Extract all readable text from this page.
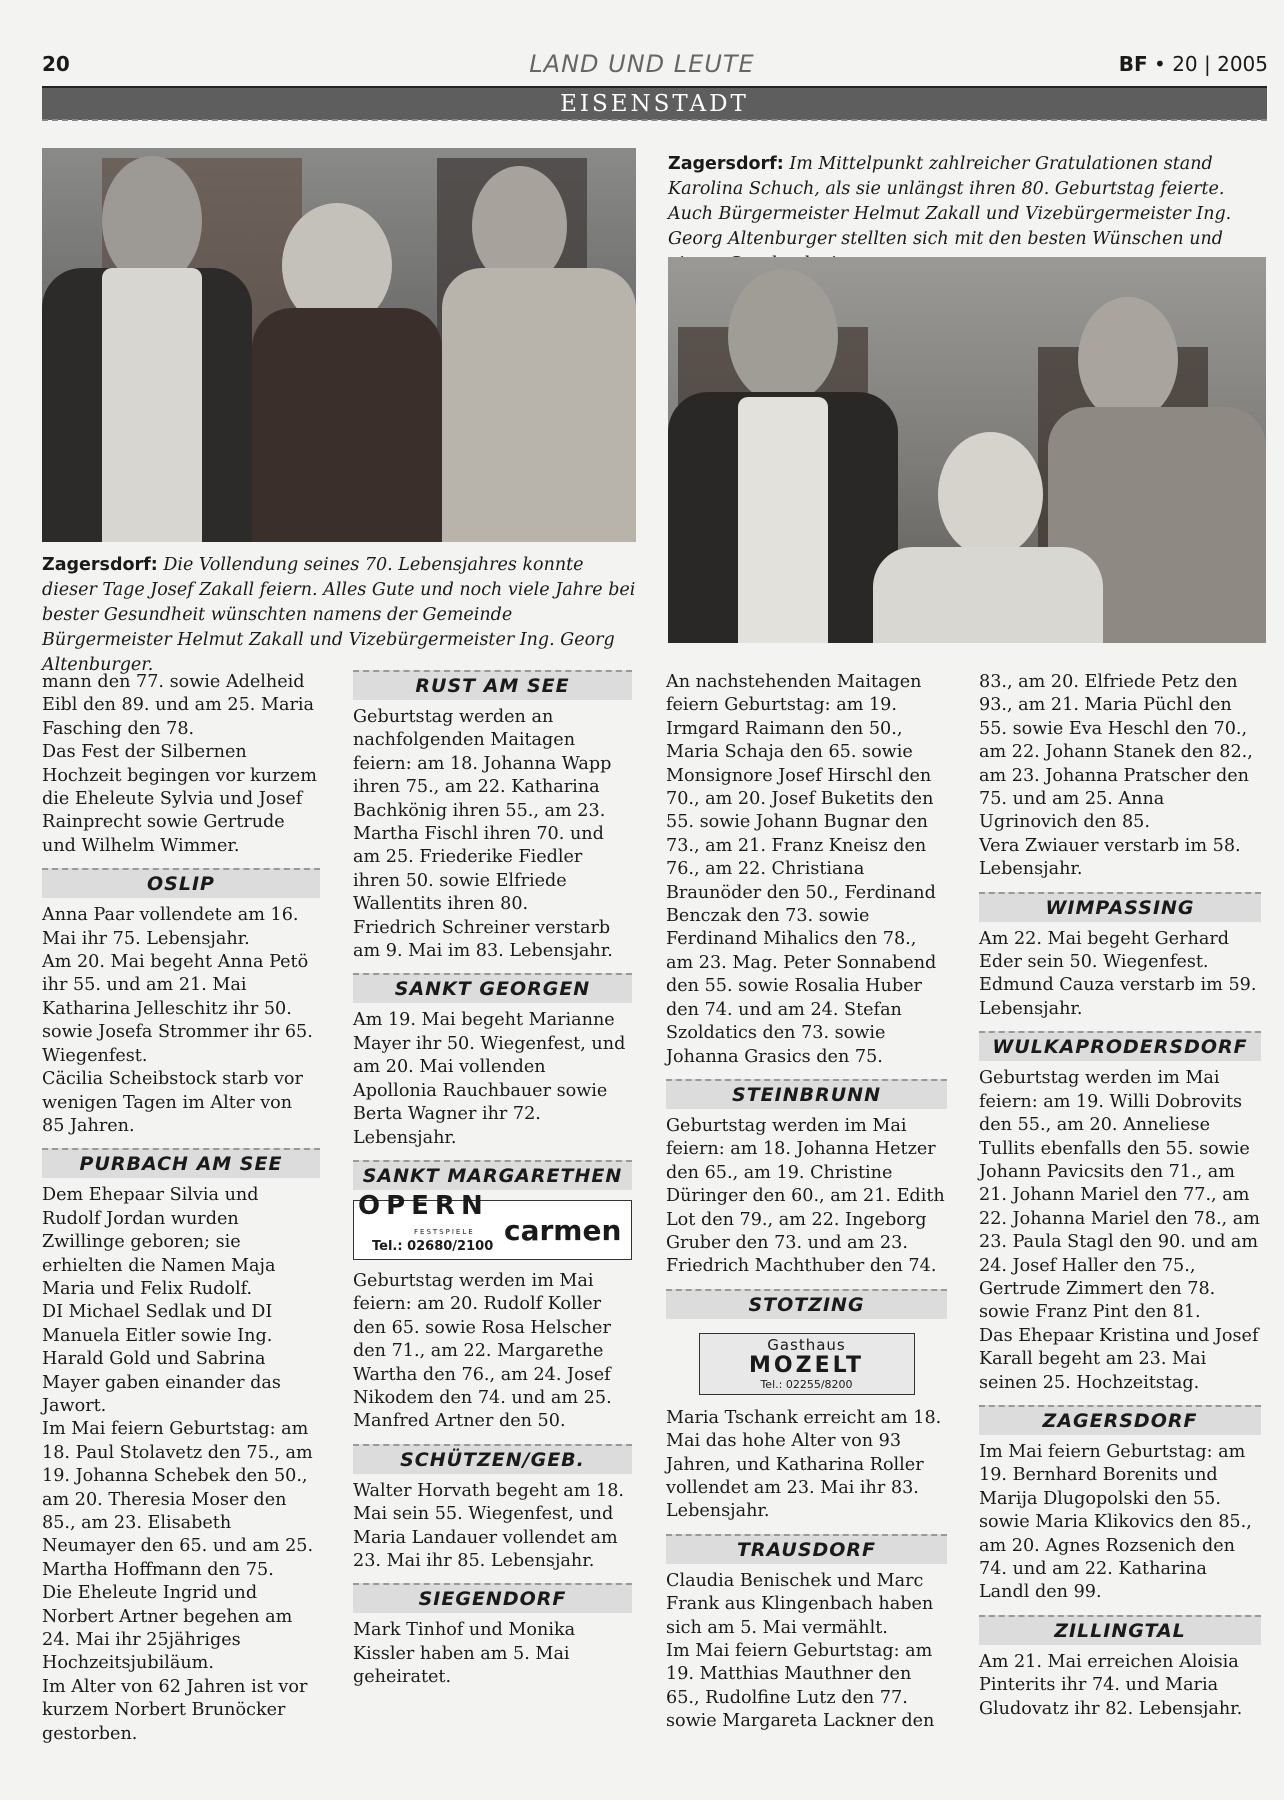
20	LAND UND LEUTE	BF • 20 | 2005
EISENSTADT
Zagersdorf: Die Vollendung seines 70. Lebensjahres konnte dieser Tage Josef Zakall feiern. Alles Gute und noch viele Jahre bei bester Gesundheit wünschten namens der Gemeinde Bürgermeister Helmut Zakall und Vizebürgermeister Ing. Georg Altenburger.
Zagersdorf: Im Mittelpunkt zahlreicher Gratulationen stand Karolina Schuch, als sie unlängst ihren 80. Geburtstag feierte. Auch Bürgermeister Helmut Zakall und Vizebürgermeister Ing. Georg Altenburger stellten sich mit den besten Wünschen und

mann den 77. sowie Adelheid Eibl den 89. und am 25. Maria Fasching den 78.

Das Fest der Silbernen Hochzeit begingen vor kurzem die Eheleute Sylvia und Josef Rainprecht sowie Gertrude und Wilhelm Wimmer.

OSLIP

Anna Paar vollendete am 16. Mai ihr 75. Lebensjahr.

Am 20. Mai begeht Anna Petö ihr 55. und am 21. Mai Katharina Jelleschitz ihr 50. sowie Josefa Strommer ihr 65. Wiegenfest.

Cäcilia Scheibstock starb vor wenigen Tagen im Alter von 85 Jahren.

PURBACH AM SEE

Dem Ehepaar Silvia und Rudolf Jordan wurden Zwillinge geboren; sie erhielten die Namen Maja Maria und Felix Rudolf.

DI Michael Sedlak und DI Manuela Eitler sowie Ing. Harald Gold und Sabrina Mayer gaben einander das Jawort.

Im Mai feiern Geburtstag: am 18. Paul Stolavetz den 75., am 19. Johanna Schebek den 50., am 20. Theresia Moser den 85., am 23. Elisabeth Neumayer den 65. und am 25. Martha Hoffmann den 75.

Die Eheleute Ingrid und Norbert Artner begehen am 24. Mai ihr 25jähriges Hochzeitsjubiläum.

Im Alter von 62 Jahren ist vor kurzem Norbert Brunöcker gestorben.

RUST AM SEE

Geburtstag werden an nachfolgenden Maitagen feiern: am 18. Johanna Wapp ihren 75., am 22. Katharina Bachkönig ihren 55., am 23. Martha Fischl ihren 70. und am 25. Friederike Fiedler ihren 50. sowie Elfriede Wallentits ihren 80.

Friedrich Schreiner verstarb am 9. Mai im 83. Lebensjahr.

SANKT GEORGEN

Am 19. Mai begeht Marianne Mayer ihr 50. Wiegenfest, und am 20. Mai vollenden Apollonia Rauchbauer sowie Berta Wagner ihr 72. Lebensjahr.

SANKT MARGARETHEN
OPERN
FESTSPIELE
Tel.: 02680/2100 carmen

Geburtstag werden im Mai feiern: am 20. Rudolf Koller den 65. sowie Rosa Helscher den 71., am 22. Margarethe Wartha den 76., am 24. Josef Nikodem den 74. und am 25. Manfred Artner den 50.

SCHÜTZEN/GEB.

Walter Horvath begeht am 18. Mai sein 55. Wiegenfest, und Maria Landauer vollendet am 23. Mai ihr 85. Lebensjahr.

SIEGENDORF

Mark Tinhof und Monika Kissler haben am 5. Mai geheiratet.

An nachstehenden Maitagen feiern Geburtstag: am 19. Irmgard Raimann den 50., Maria Schaja den 65. sowie Monsignore Josef Hirschl den 70., am 20. Josef Buketits den 55. sowie Johann Bugnar den 73., am 21. Franz Kneisz den 76., am 22. Christiana Braunöder den 50., Ferdinand Benczak den 73. sowie Ferdinand Mihalics den 78., am 23. Mag. Peter Sonnabend den 55. sowie Rosalia Huber den 74. und am 24. Stefan Szoldatics den 73. sowie Johanna Grasics den 75.

STEINBRUNN

Geburtstag werden im Mai feiern: am 18. Johanna Hetzer den 65., am 19. Christine Düringer den 60., am 21. Edith Lot den 79., am 22. Ingeborg Gruber den 73. und am 23. Friedrich Machthuber den 74.

STOTZING
Gasthaus
MOZELT
Tel.: 02255/8200

Maria Tschank erreicht am 18. Mai das hohe Alter von 93 Jahren, und Katharina Roller vollendet am 23. Mai ihr 83. Lebensjahr.

TRAUSDORF

Claudia Benischek und Marc Frank aus Klingenbach haben sich am 5. Mai vermählt.

Im Mai feiern Geburtstag: am 19. Matthias Mauthner den 65., Rudolfine Lutz den 77. sowie Margareta Lackner den

83., am 20. Elfriede Petz den 93., am 21. Maria Püchl den 55. sowie Eva Heschl den 70., am 22. Johann Stanek den 82., am 23. Johanna Pratscher den 75. und am 25. Anna Ugrinovich den 85.

Vera Zwiauer verstarb im 58. Lebensjahr.

WIMPASSING

Am 22. Mai begeht Gerhard Eder sein 50. Wiegenfest.

Edmund Cauza verstarb im 59. Lebensjahr.

WULKAPRODERSDORF

Geburtstag werden im Mai feiern: am 19. Willi Dobrovits den 55., am 20. Anneliese Tullits ebenfalls den 55. sowie Johann Pavicsits den 71., am 21. Johann Mariel den 77., am 22. Johanna Mariel den 78., am 23. Paula Stagl den 90. und am 24. Josef Haller den 75., Gertrude Zimmert den 78. sowie Franz Pint den 81.

Das Ehepaar Kristina und Josef Karall begeht am 23. Mai seinen 25. Hochzeitstag.

ZAGERSDORF

Im Mai feiern Geburtstag: am 19. Bernhard Borenits und Marija Dlugopolski den 55. sowie Maria Klikovics den 85., am 20. Agnes Rozsenich den 74. und am 22. Katharina Landl den 99.

ZILLINGTAL

Am 21. Mai erreichen Aloisia Pinterits ihr 74. und Maria Gludovatz ihr 82. Lebensjahr.
